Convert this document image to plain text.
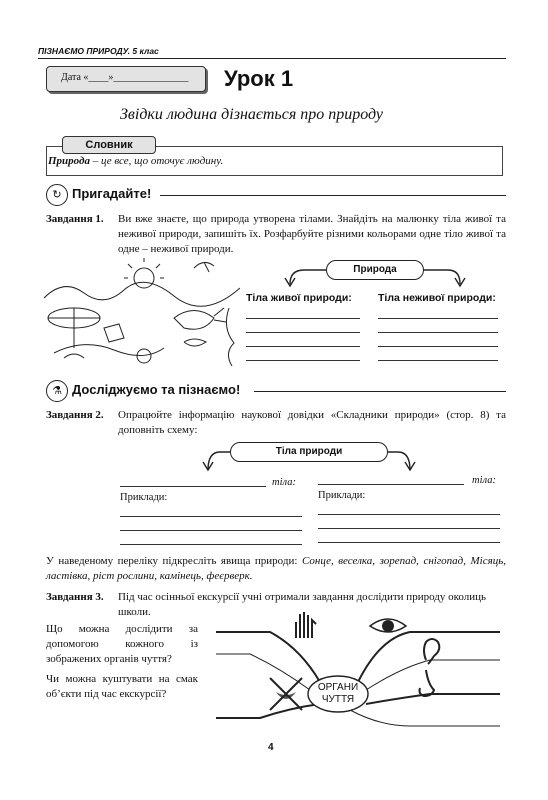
ПІЗНАЄМО ПРИРОДУ. 5 клас
Дата «____»_______________ Урок 1
Звідки людина дізнається про природу
Словник
Природа – це все, що оточує людину.
↻ Пригадайте!
Завдання 1. Ви вже знаєте, що природа утворена тілами. Знайдіть на малюнку тіла живої та неживої природи, запишіть їх. Розфарбуйте різними кольорами одне тіло живої та одне – неживої природи.
Природа
Тіла живої природи: Тіла неживої природи:
⚗ Досліджуємо та пізнаємо!
Завдання 2. Опрацюйте інформацію наукової довідки «Складники природи» (стор. 8) та доповніть схему:
Тіла природи
тіла:
Приклади:
тіла:
Приклади:
У наведеному переліку підкресліть явища природи: Сонце, веселка, зорепад, снігопад, Місяць, ластівка, ріст рослини, камінець, феєрверк.
Завдання 3. Під час осінньої екскурсії учні отримали завдання дослідити природу околиць школи.
Що можна дослідити за допомогою кожного із зображених органів чуття?
Чи можна куштувати на смак об’єкти під час екскурсії?
ОРГАНИ
ЧУТТЯ
4
